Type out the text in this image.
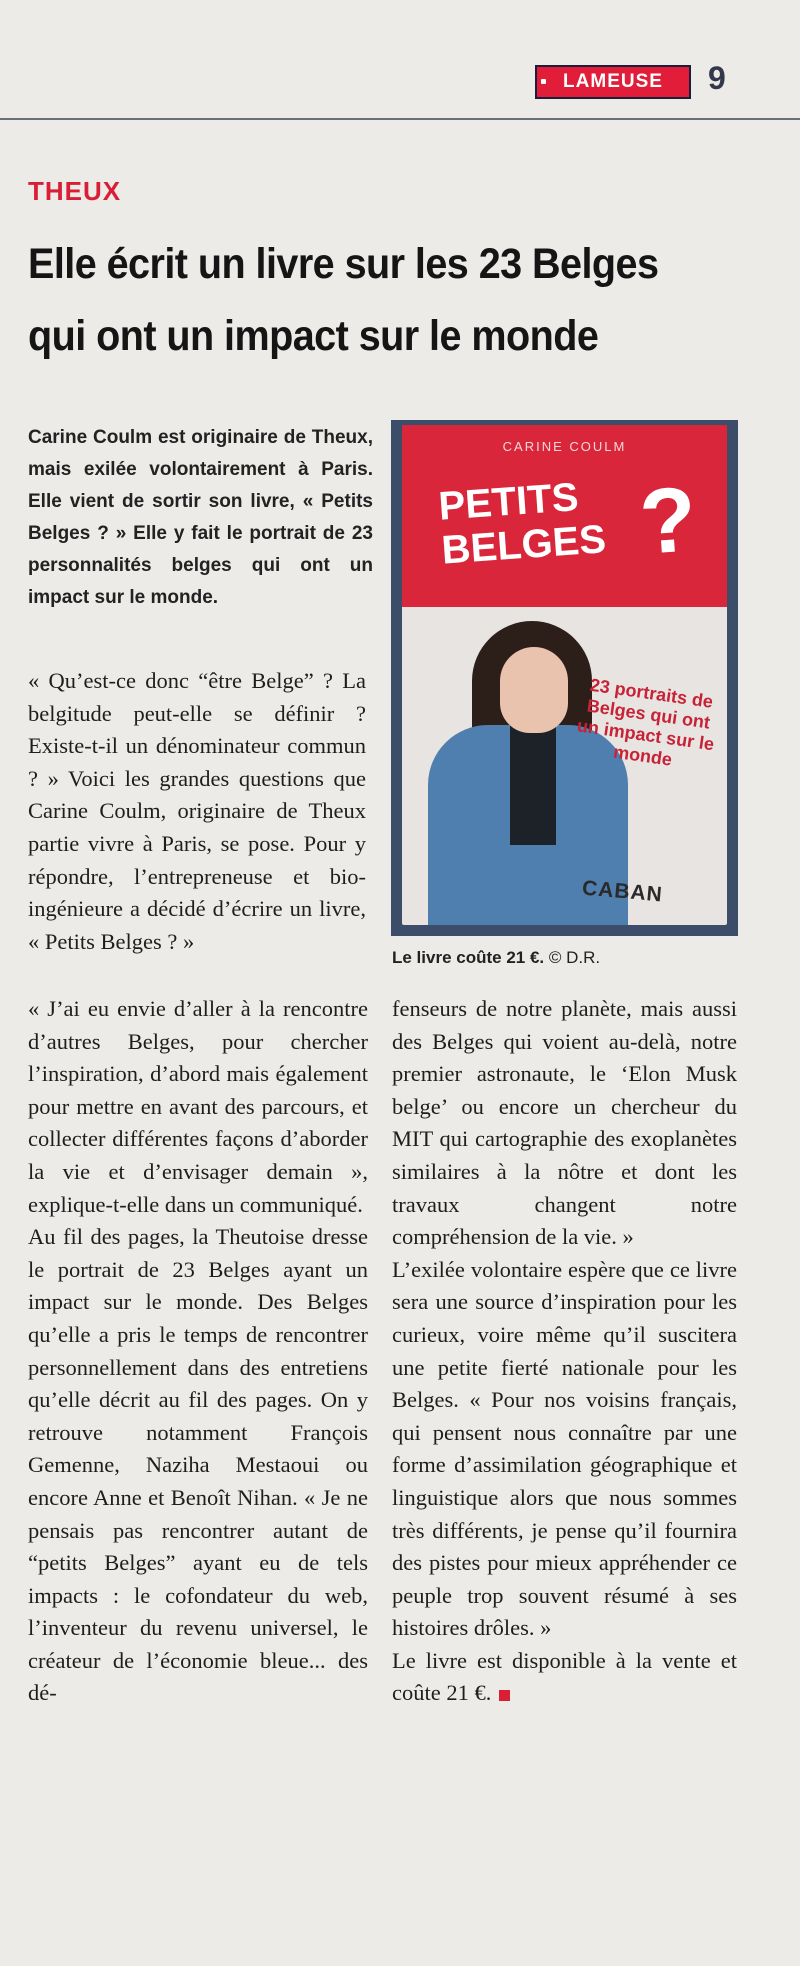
LAMEUSE 9
THEUX
Elle écrit un livre sur les 23 Belges
qui ont un impact sur le monde

Carine Coulm est originaire de Theux, mais exilée volontairement à Paris. Elle vient de sortir son livre, « Petits Belges ? » Elle y fait le portrait de 23 personnalités belges qui ont un impact sur le monde.

« Qu’est-ce donc “être Belge” ? La belgitude peut-elle se définir ? Existe-t-il un dénominateur commun ? » Voici les grandes questions que Carine Coulm, originaire de Theux partie vivre à Paris, se pose. Pour y répondre, l’entrepreneuse et bio-ingénieure a décidé d’écrire un livre, « Petits Belges ? »

« J’ai eu envie d’aller à la rencontre d’autres Belges, pour chercher l’inspiration, d’abord mais également pour mettre en avant des parcours, et collecter différentes façons d’aborder la vie et d’envisager demain », explique-t-elle dans un communiqué.

Au fil des pages, la Theutoise dresse le portrait de 23 Belges ayant un impact sur le monde. Des Belges qu’elle a pris le temps de rencontrer personnellement dans des entretiens qu’elle décrit au fil des pages. On y retrouve notamment François Gemenne, Naziha Mestaoui ou encore Anne et Benoît Nihan. « Je ne pensais pas rencontrer autant de “petits Belges” ayant eu de tels impacts : le cofondateur du web, l’inventeur du revenu universel, le créateur de l’économie bleue... des dé-

fenseurs de notre planète, mais aussi des Belges qui voient au-delà, notre premier astronaute, le ‘Elon Musk belge’ ou encore un chercheur du MIT qui cartographie des exoplanètes similaires à la nôtre et dont les travaux changent notre compréhension de la vie. »

L’exilée volontaire espère que ce livre sera une source d’inspiration pour les curieux, voire même qu’il suscitera une petite fierté nationale pour les Belges. « Pour nos voisins français, qui pensent nous connaître par une forme d’assimilation géographique et linguistique alors que nous sommes très différents, je pense qu’il fournira des pistes pour mieux appréhender ce peuple trop souvent résumé à ses histoires drôles. »

Le livre est disponible à la vente et coûte 21 €.

CARINE COULM
PETITS
BELGES ?
23 portraits de Belges qui ont un impact sur le monde
CABAN
Le livre coûte 21 €. © D.R.
